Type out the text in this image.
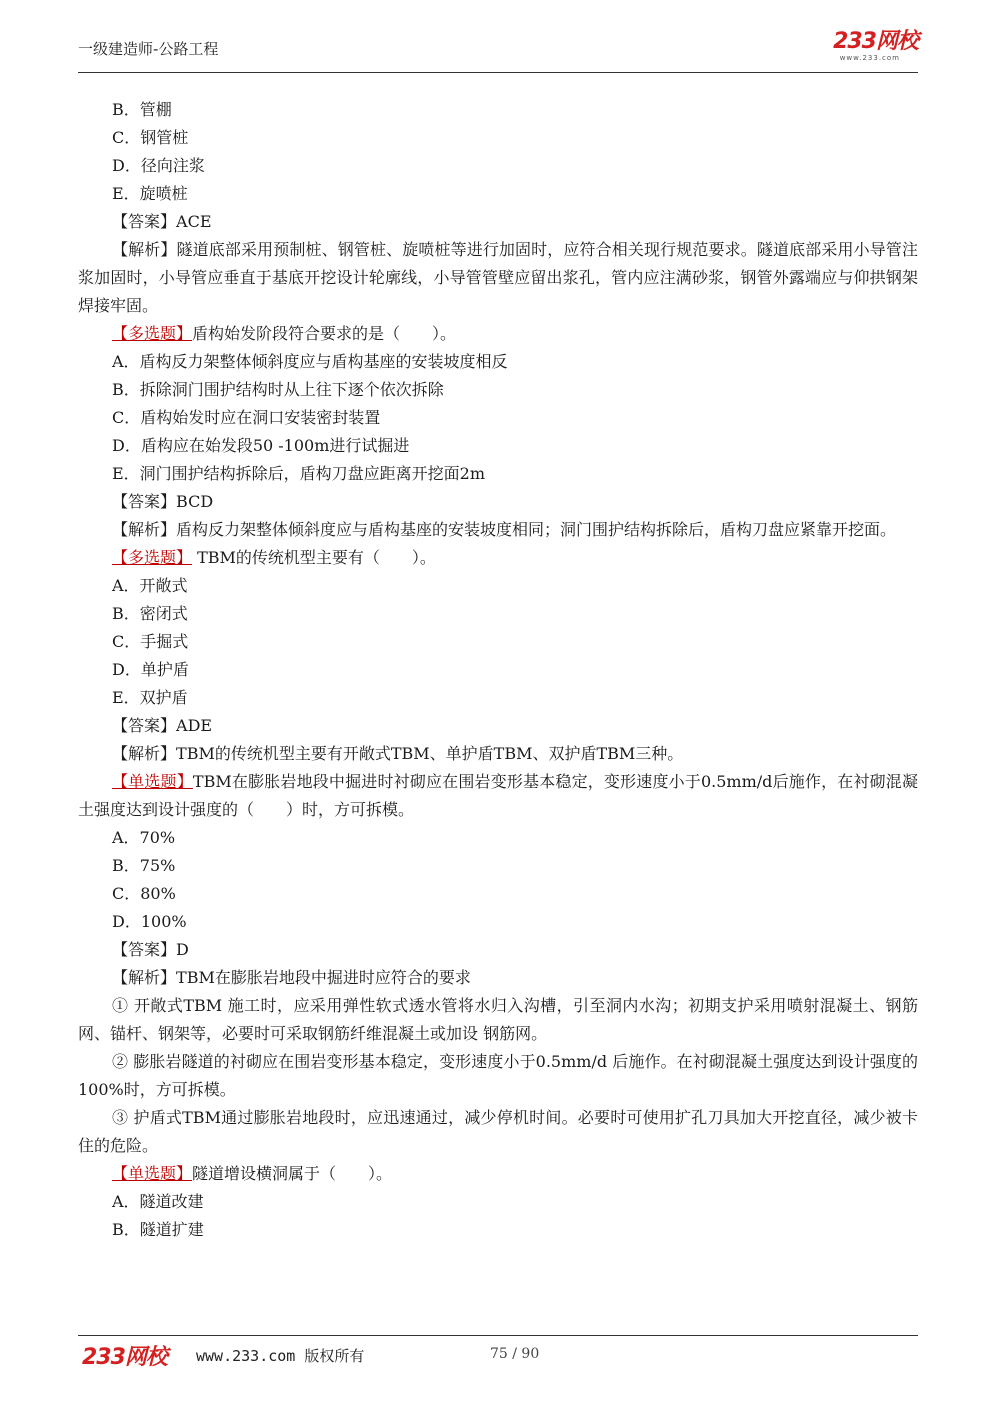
一级建造师-公路工程	233网校
www.233.com
B．管棚
C．钢管桩
D．径向注浆
E．旋喷桩
【答案】ACE
【解析】隧道底部采用预制桩、钢管桩、旋喷桩等进行加固时，应符合相关现行规范要求。隧道底部采用小导管注浆加固时，小导管应垂直于基底开挖设计轮廓线，小导管管壁应留出浆孔，管内应注满砂浆，钢管外露端应与仰拱钢架焊接牢固。
【多选题】盾构始发阶段符合要求的是（　　）。
A．盾构反力架整体倾斜度应与盾构基座的安装坡度相反
B．拆除洞门围护结构时从上往下逐个依次拆除
C．盾构始发时应在洞口安装密封装置
D．盾构应在始发段50 -100m进行试掘进
E．洞门围护结构拆除后，盾构刀盘应距离开挖面2m
【答案】BCD
【解析】盾构反力架整体倾斜度应与盾构基座的安装坡度相同；洞门围护结构拆除后，盾构刀盘应紧靠开挖面。
【多选题】 TBM的传统机型主要有（　　）。
A．开敞式
B．密闭式
C．手掘式
D．单护盾
E．双护盾
【答案】ADE
【解析】TBM的传统机型主要有开敞式TBM、单护盾TBM、双护盾TBM三种。
【单选题】TBM在膨胀岩地段中掘进时衬砌应在围岩变形基本稳定，变形速度小于0.5mm/d后施作，在衬砌混凝土强度达到设计强度的（　　）时，方可拆模。
A．70%
B．75%
C．80%
D．100%
【答案】D
【解析】TBM在膨胀岩地段中掘进时应符合的要求
① 开敞式TBM 施工时，应采用弹性软式透水管将水归入沟槽，引至洞内水沟；初期支护采用喷射混凝土、钢筋网、锚杆、钢架等，必要时可采取钢筋纤维混凝土或加设 钢筋网。
② 膨胀岩隧道的衬砌应在围岩变形基本稳定，变形速度小于0.5mm/d 后施作。在衬砌混凝土强度达到设计强度的100%时，方可拆模。
③ 护盾式TBM通过膨胀岩地段时，应迅速通过，减少停机时间。必要时可使用扩孔刀具加大开挖直径，减少被卡住的危险。
【单选题】隧道增设横洞属于（　　）。
A．隧道改建
B．隧道扩建
233网校 www.233.com 版权所有	75 / 90
